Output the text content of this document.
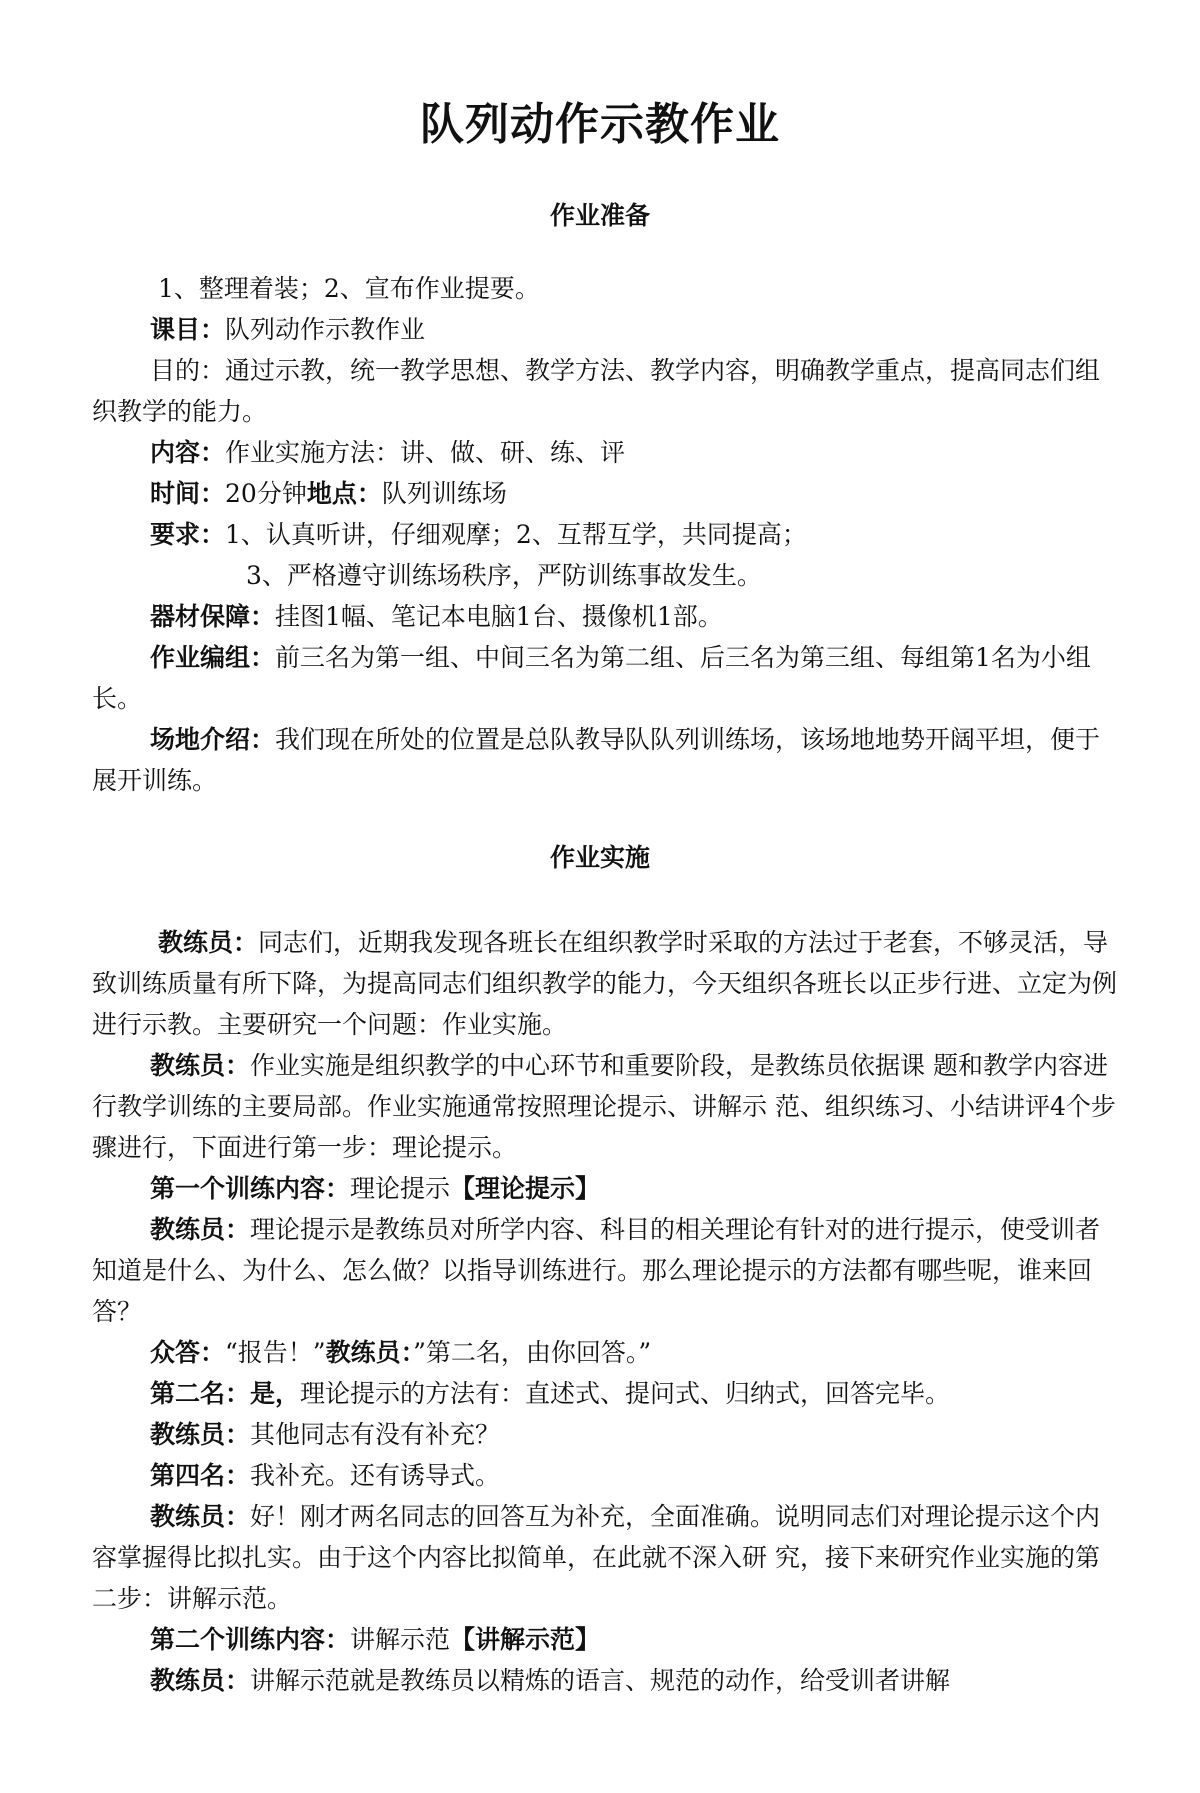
队列动作示教作业
作业准备

1、整理着装；2、宣布作业提要。

课目：队列动作示教作业

目的：通过示教，统一教学思想、教学方法、教学内容，明确教学重点，提高同志们组织教学的能力。

内容：作业实施方法：讲、做、研、练、评

时间：20分钟地点：队列训练场

要求：1、认真听讲，仔细观摩；2、互帮互学，共同提高；

3、严格遵守训练场秩序，严防训练事故发生。

器材保障：挂图1幅、笔记本电脑1台、摄像机1部。

作业编组：前三名为第一组、中间三名为第二组、后三名为第三组、每组第1名为小组长。

场地介绍：我们现在所处的位置是总队教导队队列训练场，该场地地势开阔平坦，便于展开训练。

作业实施

教练员：同志们，近期我发现各班长在组织教学时采取的方法过于老套，不够灵活，导致训练质量有所下降，为提高同志们组织教学的能力，今天组织各班长以正步行进、立定为例进行示教。主要研究一个问题：作业实施。

教练员：作业实施是组织教学的中心环节和重要阶段，是教练员依据课 题和教学内容进行教学训练的主要局部。作业实施通常按照理论提示、讲解示 范、组织练习、小结讲评4个步骤进行，下面进行第一步：理论提示。

第一个训练内容：理论提示【理论提示】

教练员：理论提示是教练员对所学内容、科目的相关理论有针对的进行提示，使受训者知道是什么、为什么、怎么做？以指导训练进行。那么理论提示的方法都有哪些呢，谁来回答？

众答：“报告！”教练员：”第二名，由你回答。”

第二名：是，理论提示的方法有：直述式、提问式、归纳式，回答完毕。

教练员：其他同志有没有补充？

第四名：我补充。还有诱导式。

教练员：好！刚才两名同志的回答互为补充，全面准确。说明同志们对理论提示这个内容掌握得比拟扎实。由于这个内容比拟简单，在此就不深入研 究，接下来研究作业实施的第二步：讲解示范。

第二个训练内容：讲解示范【讲解示范】

教练员：讲解示范就是教练员以精炼的语言、规范的动作，给受训者讲解
